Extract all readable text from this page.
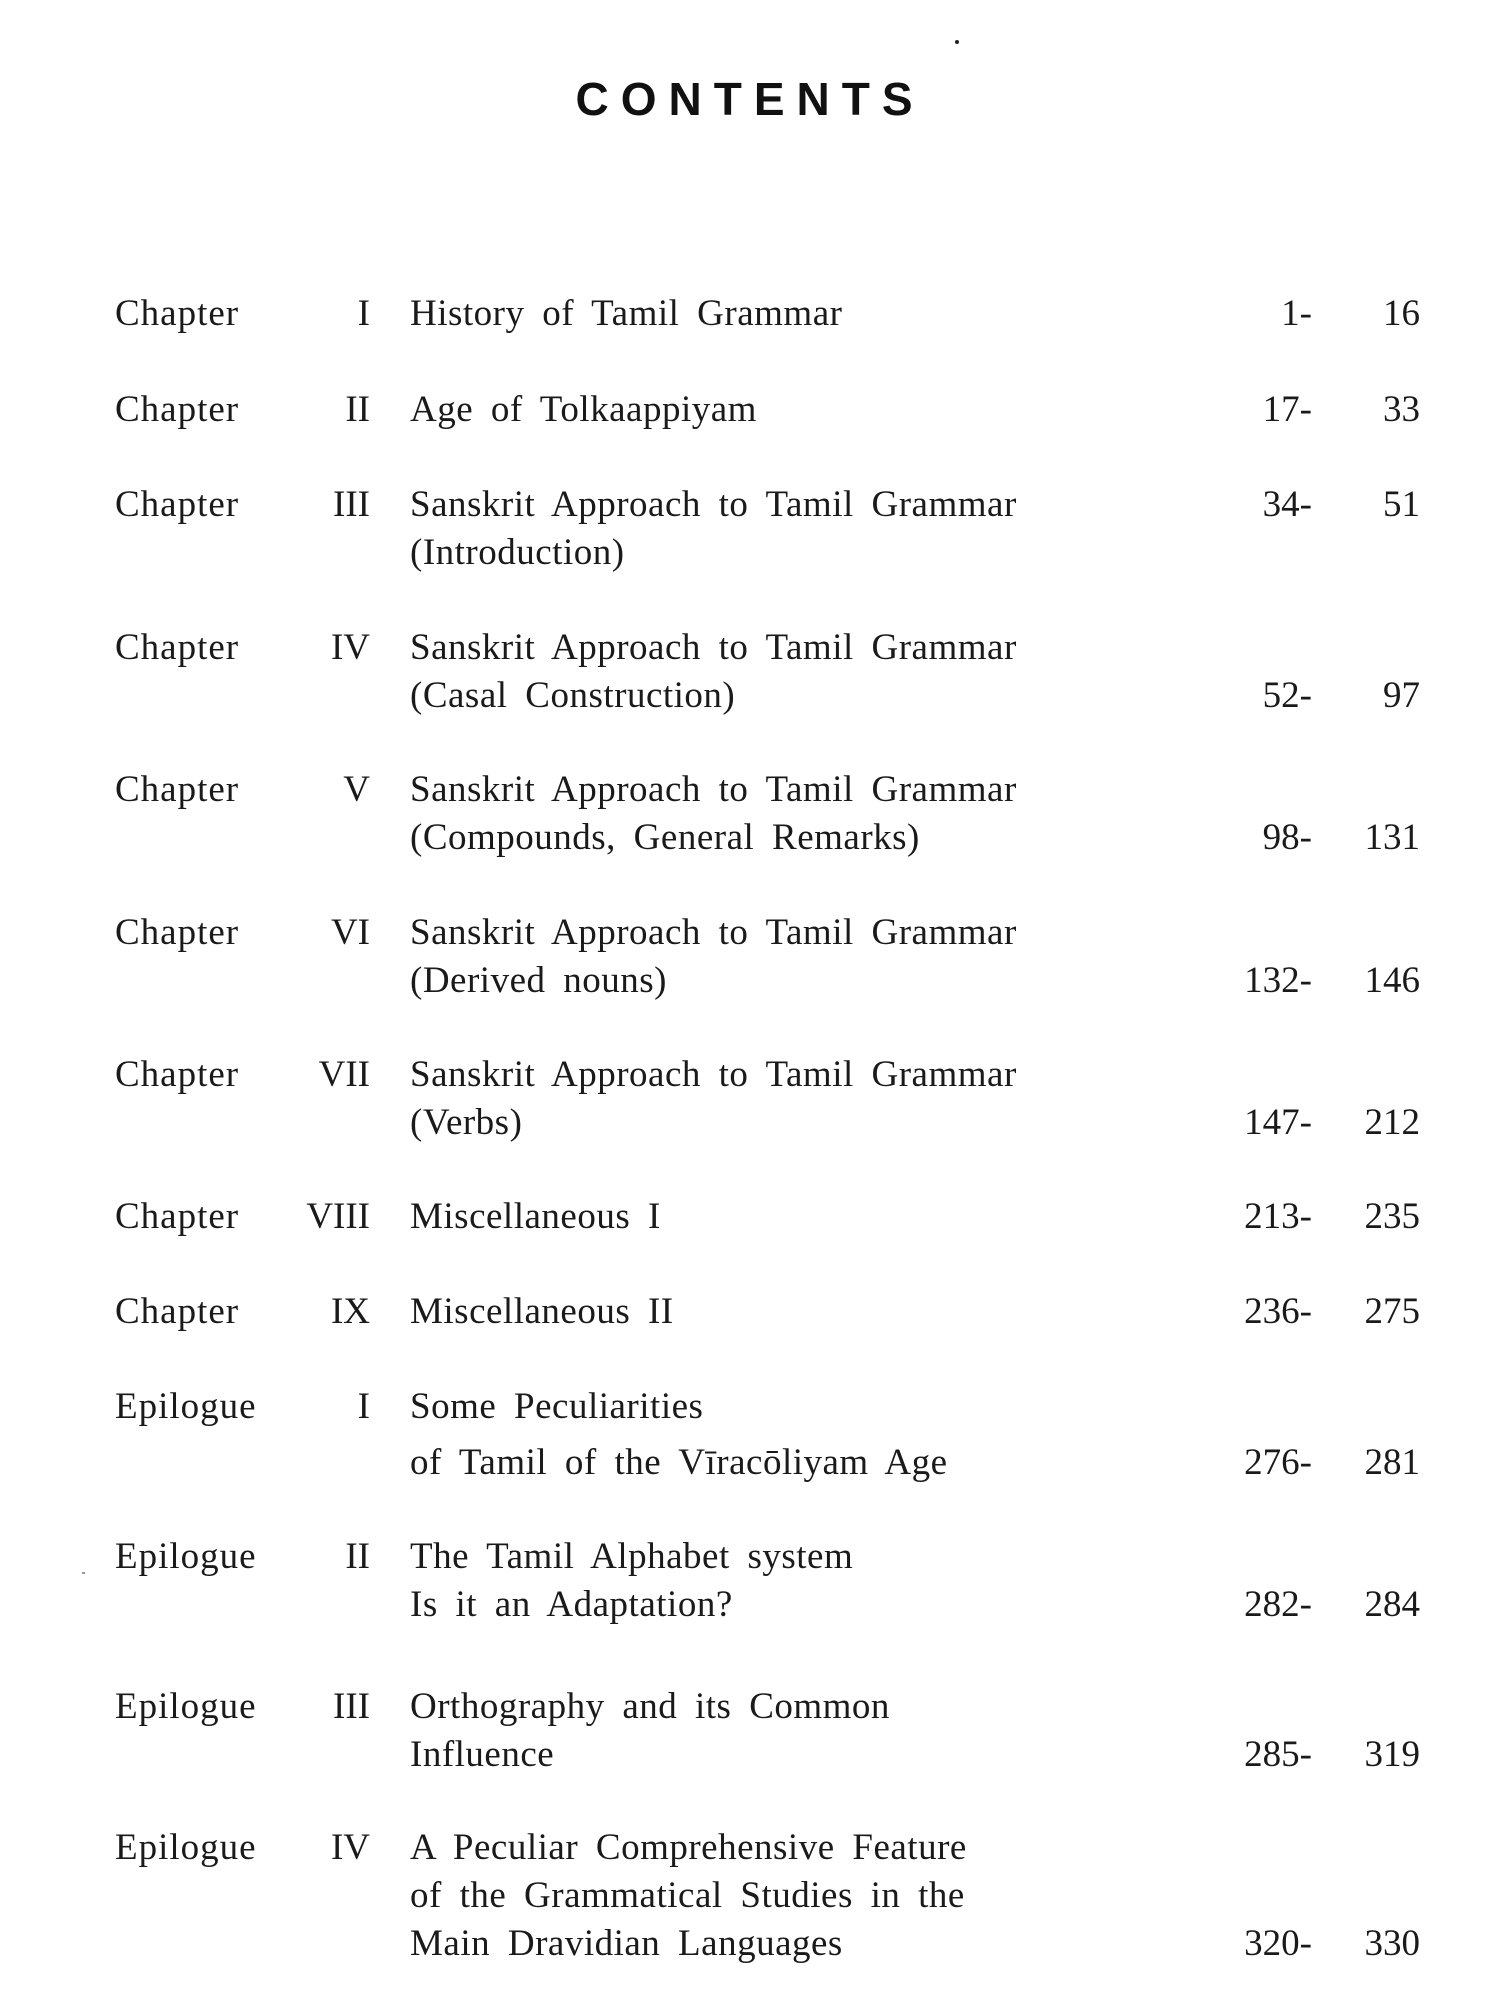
CONTENTS
Chapter	I History of Tamil Grammar	1- 16
Chapter	II Age of Tolkaappiyam	17- 33
Chapter	III Sanskrit Approach to Tamil Grammar
(Introduction)
34- 51
Chapter IV Sanskrit Approach to Tamil Grammar
(Casal Construction)	52- 97
Chapter	V Sanskrit Approach to Tamil Grammar
(Compounds, General Remarks)	98- 131
Chapter VI Sanskrit Approach to Tamil Grammar
(Derived nouns)	132- 146
Chapter VII Sanskrit Approach to Tamil Grammar
(Verbs)	147- 212
Chapter VIII Miscellaneous I	213- 235
Chapter IX Miscellaneous II	236- 275
Epilogue	I Some Peculiarities
of Tamil of the Vīracōliyam Age	276- 281
Epilogue II The Tamil Alphabet system
Is it an Adaptation?	282- 284
Epilogue III Orthography and its Common
Influence	285- 319
Epilogue IV A Peculiar Comprehensive Feature
of the Grammatical Studies in the
Main Dravidian Languages	320- 330
